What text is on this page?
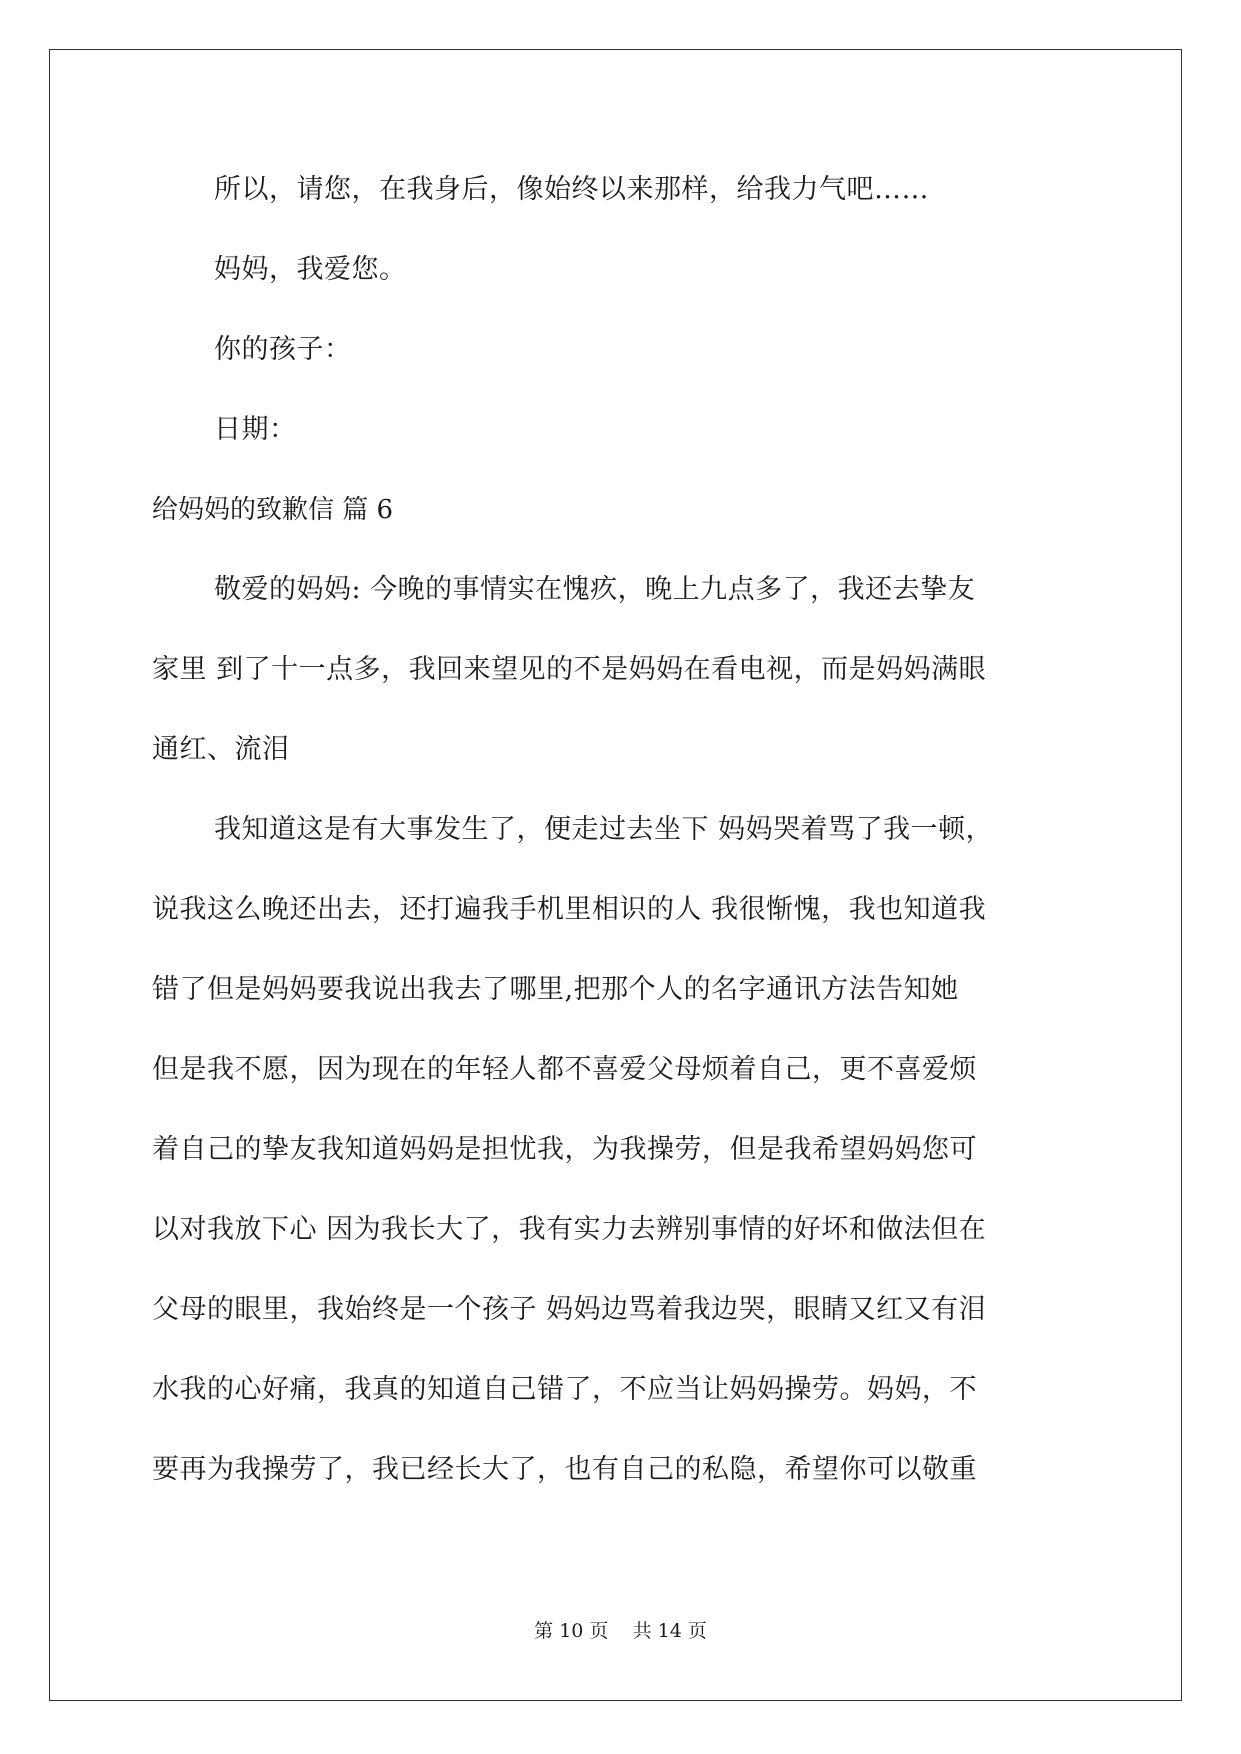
所以，请您，在我身后，像始终以来那样，给我力气吧……
妈妈，我爱您。
你的孩子：
日期：
给妈妈的致歉信 篇 6
敬爱的妈妈: 今晚的事情实在愧疚，晚上九点多了，我还去挚友
家里 到了十一点多，我回来望见的不是妈妈在看电视，而是妈妈满眼
通红、流泪
我知道这是有大事发生了，便走过去坐下 妈妈哭着骂了我一顿，
说我这么晚还出去，还打遍我手机里相识的人 我很惭愧，我也知道我
错了但是妈妈要我说出我去了哪里,把那个人的名字通讯方法告知她
但是我不愿，因为现在的年轻人都不喜爱父母烦着自己，更不喜爱烦
着自己的挚友我知道妈妈是担忧我，为我操劳，但是我希望妈妈您可
以对我放下心 因为我长大了，我有实力去辨别事情的好坏和做法但在
父母的眼里，我始终是一个孩子 妈妈边骂着我边哭，眼睛又红又有泪
水我的心好痛，我真的知道自己错了，不应当让妈妈操劳。妈妈，不
要再为我操劳了，我已经长大了，也有自己的私隐，希望你可以敬重
第 10 页    共 14 页
